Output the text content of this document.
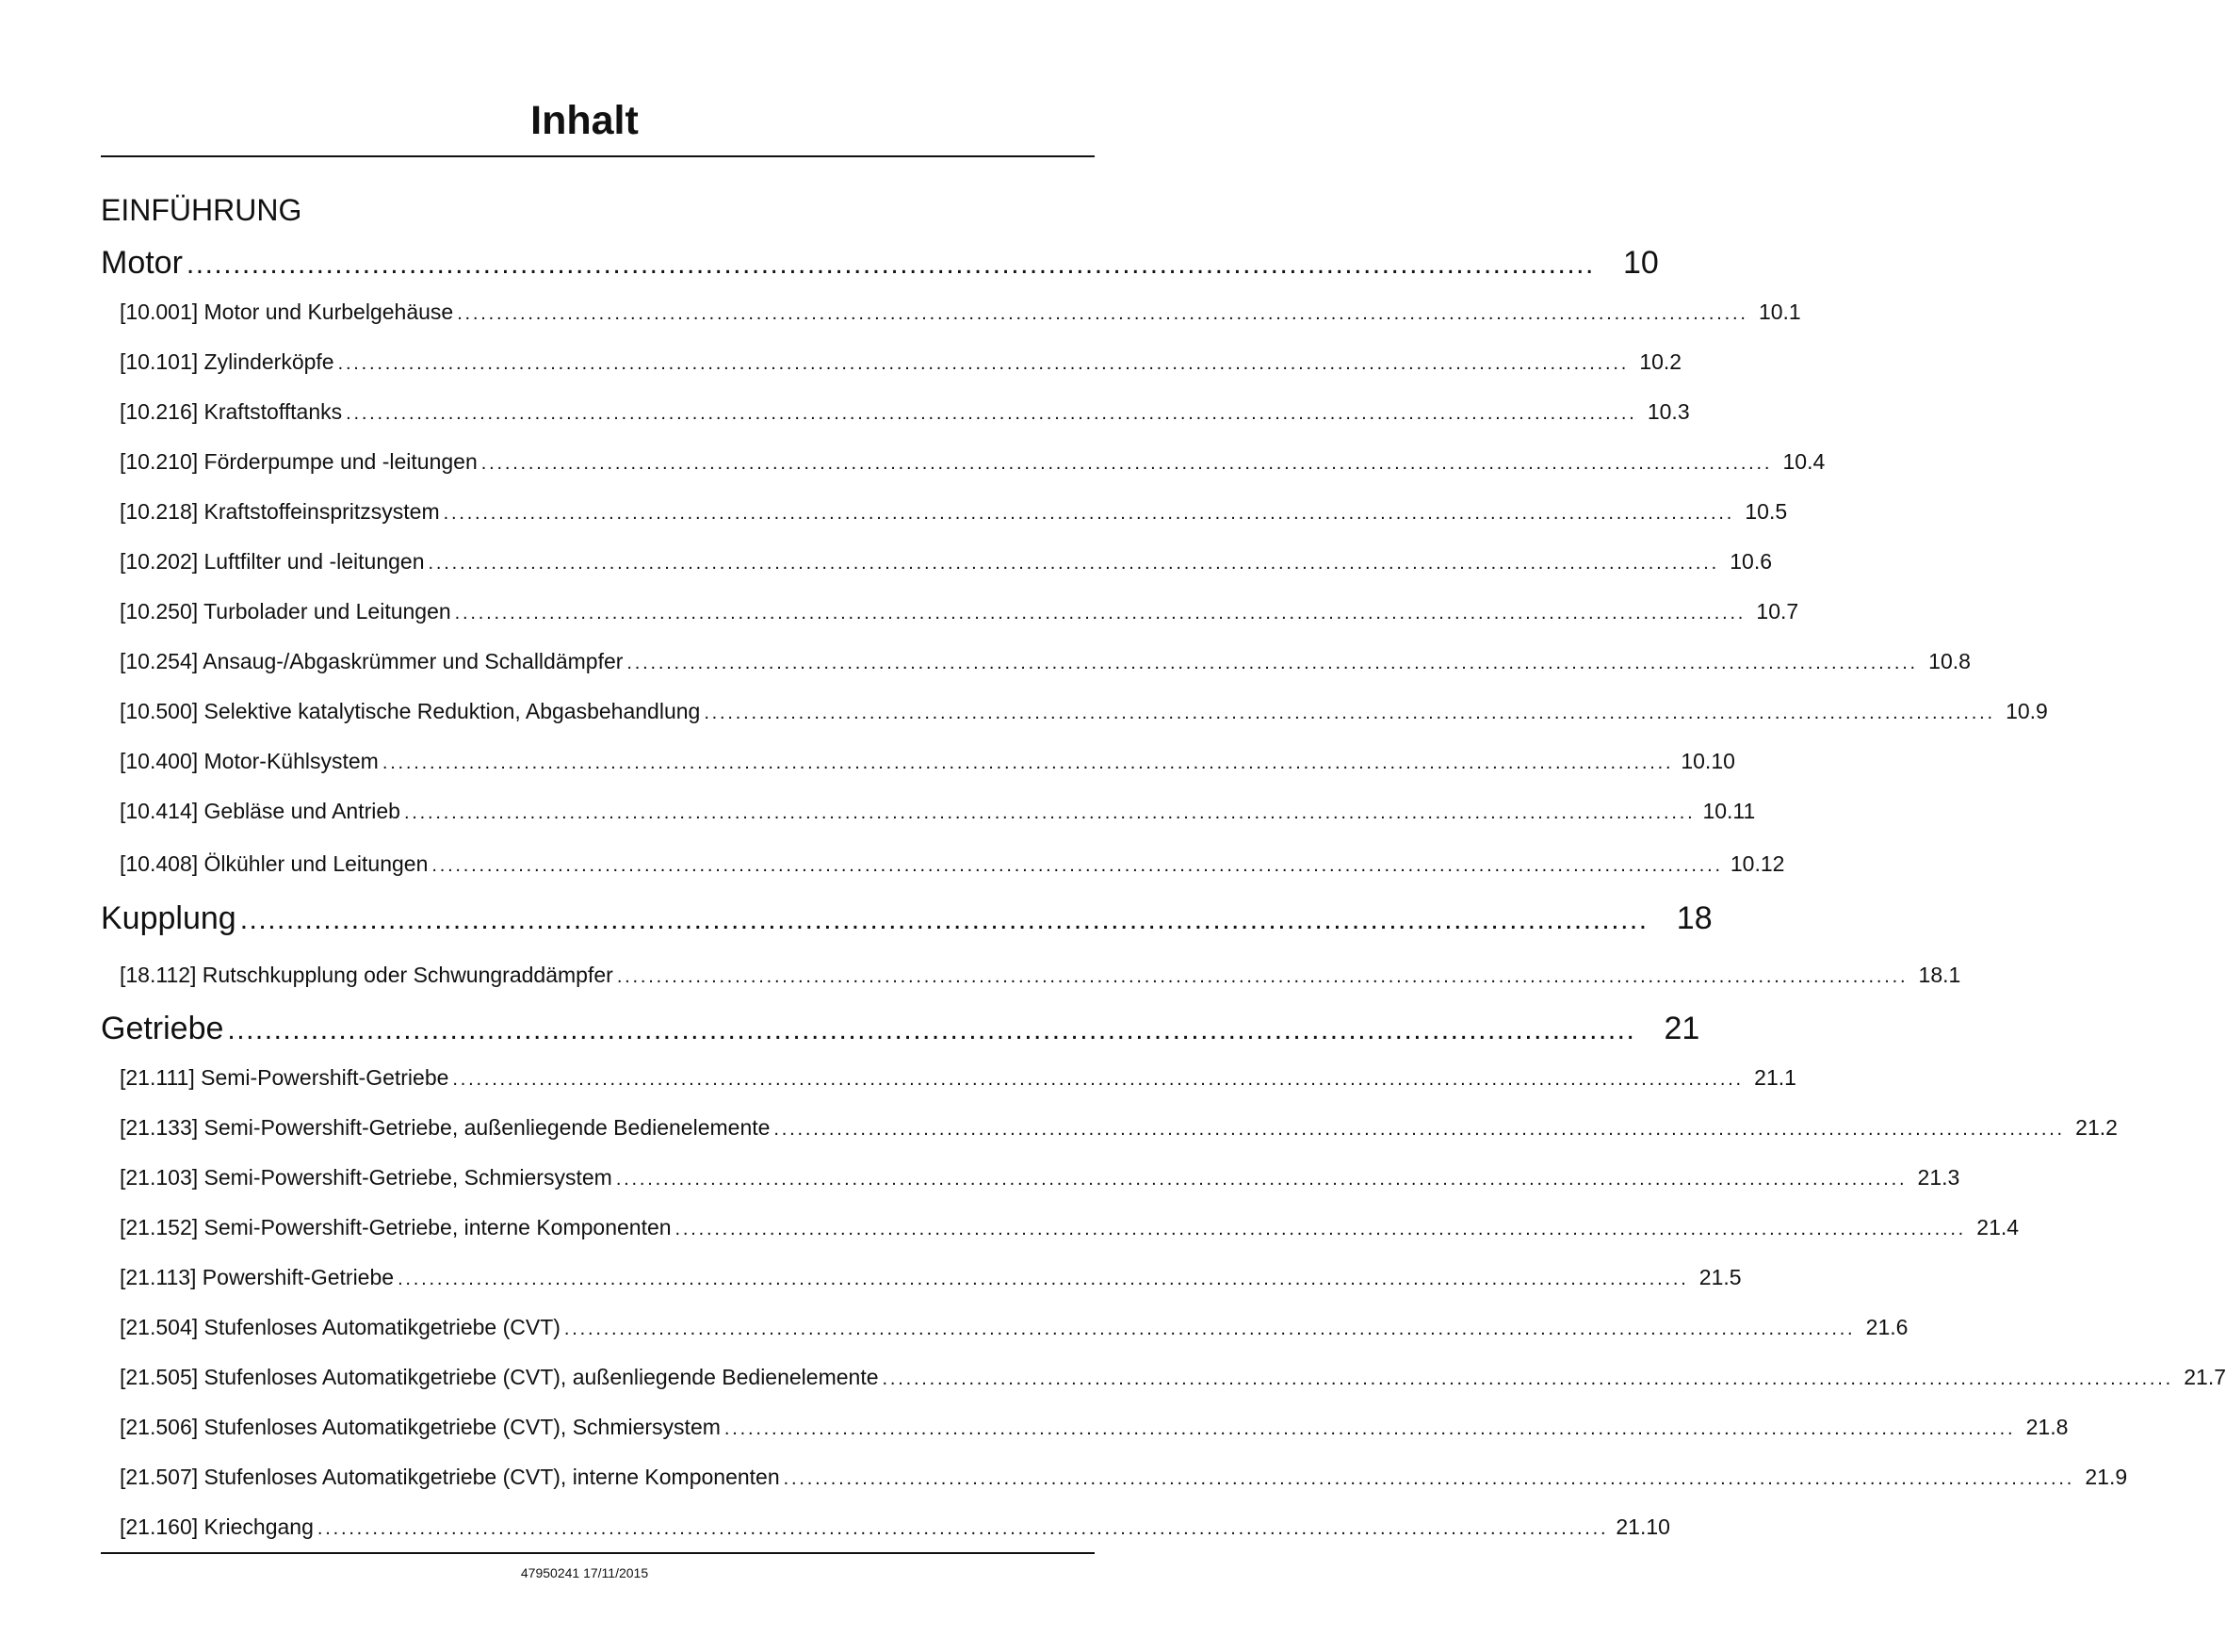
Inhalt
EINFÜHRUNG
Motor ........................................................................................................................................................ 10
[10.001] Motor und Kurbelgehäuse .................................................................................................................................................................... 10.1
[10.101] Zylinderköpfe .................................................................................................................................................................... 10.2
[10.216] Kraftstofftanks .................................................................................................................................................................... 10.3
[10.210] Förderpumpe und -leitungen .................................................................................................................................................................... 10.4
[10.218] Kraftstoffeinspritzsystem .................................................................................................................................................................... 10.5
[10.202] Luftfilter und -leitungen .................................................................................................................................................................... 10.6
[10.250] Turbolader und Leitungen .................................................................................................................................................................... 10.7
[10.254] Ansaug-/Abgaskrümmer und Schalldämpfer .................................................................................................................................................................... 10.8
[10.500] Selektive katalytische Reduktion, Abgasbehandlung .................................................................................................................................................................... 10.9
[10.400] Motor-Kühlsystem .................................................................................................................................................................... 10.10
[10.414] Gebläse und Antrieb .................................................................................................................................................................... 10.11
[10.408] Ölkühler und Leitungen .................................................................................................................................................................... 10.12
Kupplung ........................................................................................................................................................ 18
[18.112] Rutschkupplung oder Schwungraddämpfer .................................................................................................................................................................... 18.1
Getriebe ........................................................................................................................................................ 21
[21.111] Semi-Powershift-Getriebe .................................................................................................................................................................... 21.1
[21.133] Semi-Powershift-Getriebe, außenliegende Bedienelemente .................................................................................................................................................................... 21.2
[21.103] Semi-Powershift-Getriebe, Schmiersystem .................................................................................................................................................................... 21.3
[21.152] Semi-Powershift-Getriebe, interne Komponenten .................................................................................................................................................................... 21.4
[21.113] Powershift-Getriebe .................................................................................................................................................................... 21.5
[21.504] Stufenloses Automatikgetriebe (CVT) .................................................................................................................................................................... 21.6
[21.505] Stufenloses Automatikgetriebe (CVT), außenliegende Bedienelemente .................................................................................................................................................................... 21.7
[21.506] Stufenloses Automatikgetriebe (CVT), Schmiersystem .................................................................................................................................................................... 21.8
[21.507] Stufenloses Automatikgetriebe (CVT), interne Komponenten .................................................................................................................................................................... 21.9
[21.160] Kriechgang .................................................................................................................................................................... 21.10
47950241 17/11/2015
